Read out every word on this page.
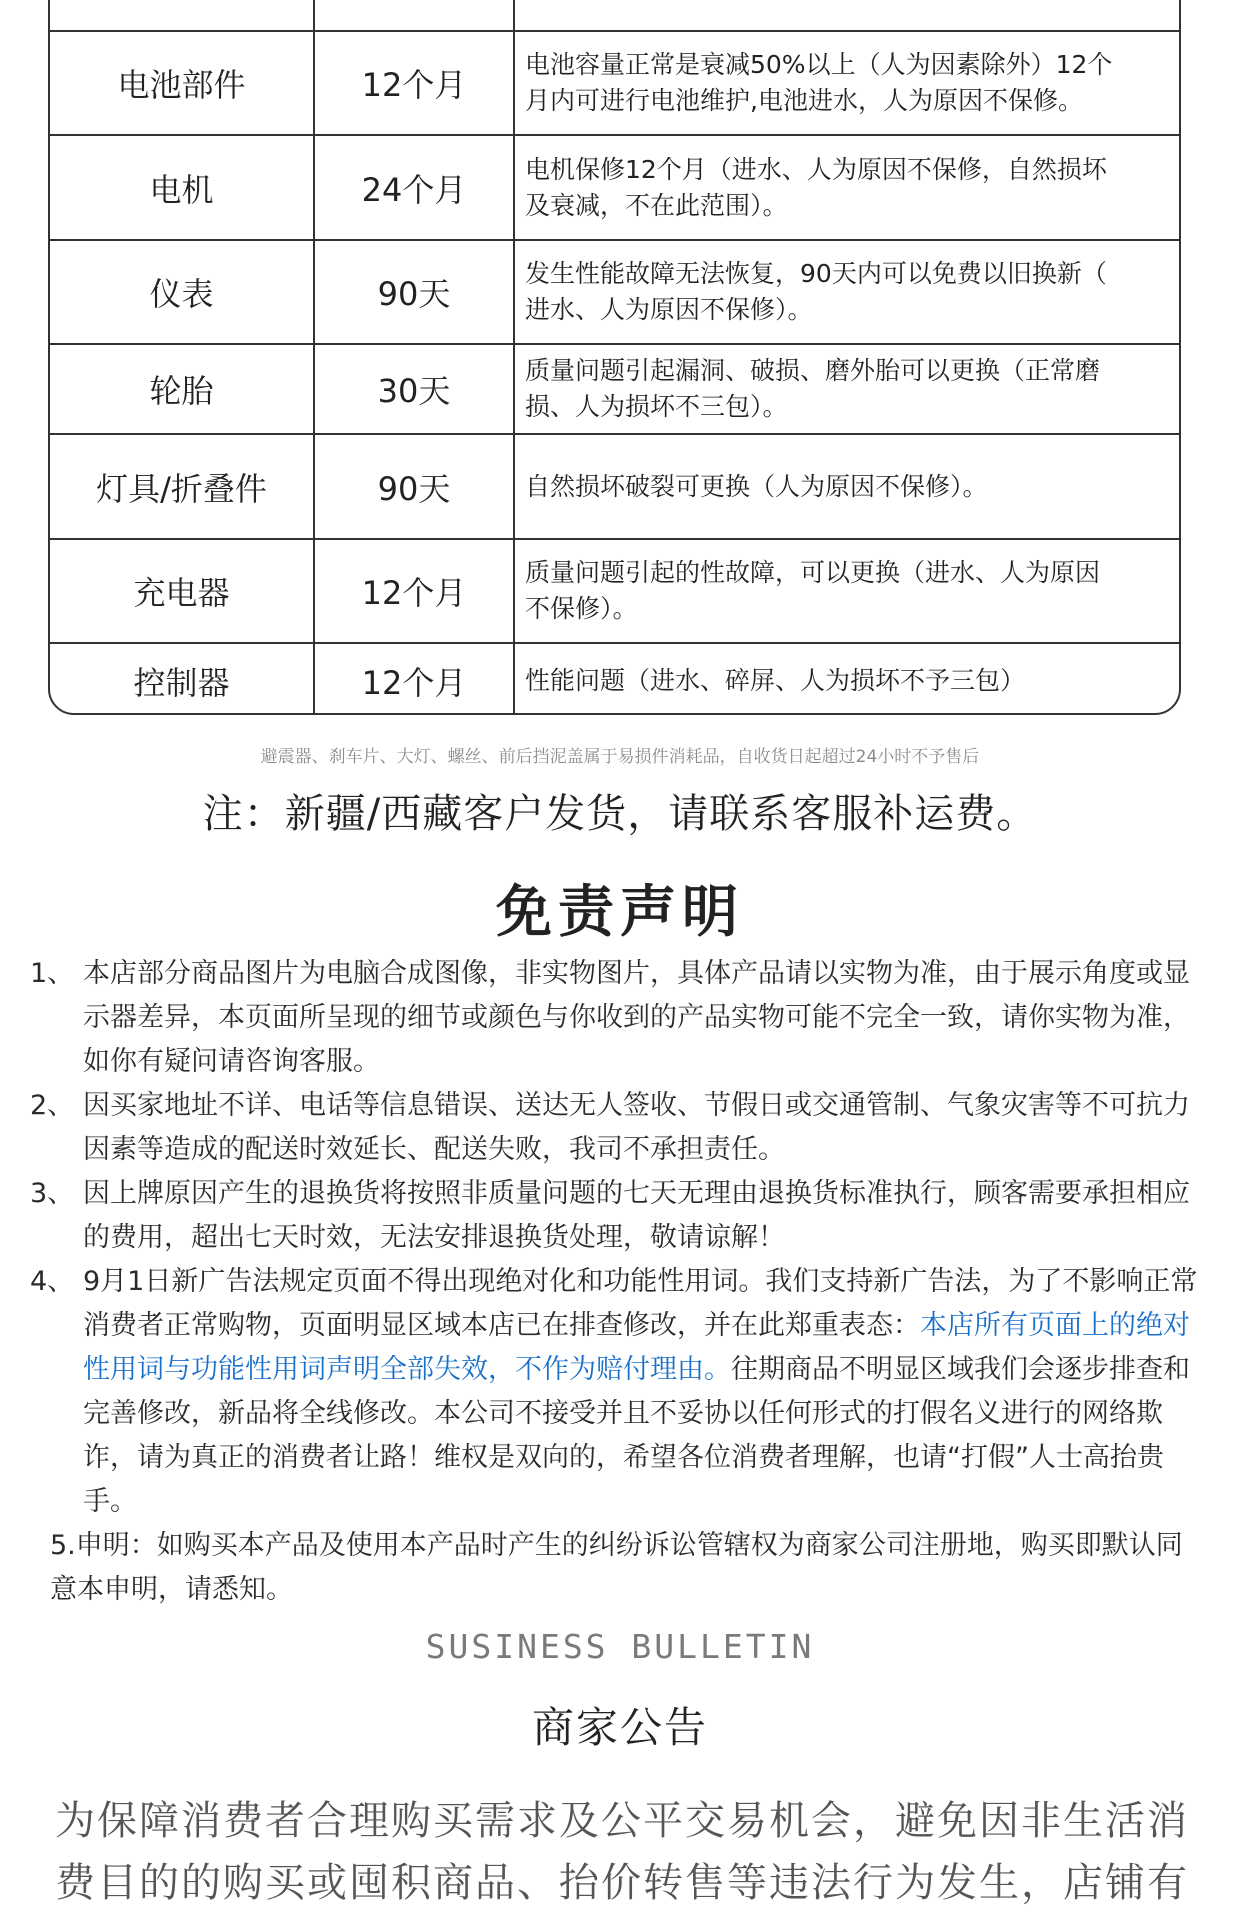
电池部件	12个月	电池容量正常是衰减50%以上（人为因素除外）12个
月内可进行电池维护,电池进水，人为原因不保修。

电机	24个月	电机保修12个月（进水、人为原因不保修，自然损坏
及衰减，不在此范围）。

仪表	90天	发生性能故障无法恢复，90天内可以免费以旧换新（
进水、人为原因不保修）。

轮胎	30天	质量问题引起漏洞、破损、磨外胎可以更换（正常磨
损、人为损坏不三包）。

灯具/折叠件	90天	自然损坏破裂可更换（人为原因不保修）。

充电器	12个月	质量问题引起的性故障，可以更换（进水、人为原因
不保修）。

控制器	12个月	性能问题（进水、碎屏、人为损坏不予三包）
避震器、刹车片、大灯、螺丝、前后挡泥盖属于易损件消耗品，自收货日起超过24小时不予售后
注：新疆/西藏客户发货，请联系客服补运费。
免责声明
1、 本店部分商品图片为电脑合成图像，非实物图片，具体产品请以实物为准，由于展示角度或显示器差异，本页面所呈现的细节或颜色与你收到的产品实物可能不完全一致，请你实物为准，如你有疑问请咨询客服。
2、 因买家地址不详、电话等信息错误、送达无人签收、节假日或交通管制、气象灾害等不可抗力因素等造成的配送时效延长、配送失败，我司不承担责任。
3、 因上牌原因产生的退换货将按照非质量问题的七天无理由退换货标准执行，顾客需要承担相应的费用，超出七天时效，无法安排退换货处理，敬请谅解！
4、 9月1日新广告法规定页面不得出现绝对化和功能性用词。我们支持新广告法，为了不影响正常消费者正常购物，页面明显区域本店已在排查修改，并在此郑重表态：本店所有页面上的绝对性用词与功能性用词声明全部失效，不作为赔付理由。往期商品不明显区域我们会逐步排查和完善修改，新品将全线修改。本公司不接受并且不妥协以任何形式的打假名义进行的网络欺诈，请为真正的消费者让路！维权是双向的，希望各位消费者理解，也请“打假”人士高抬贵手。
5.申明：如购买本产品及使用本产品时产生的纠纷诉讼管辖权为商家公司注册地，购买即默认同意本申明，请悉知。
SUSINESS BULLETIN
商家公告
为保障消费者合理购买需求及公平交易机会，避免因非生活消
费目的的购买或囤积商品、抬价转售等违法行为发生，店铺有
